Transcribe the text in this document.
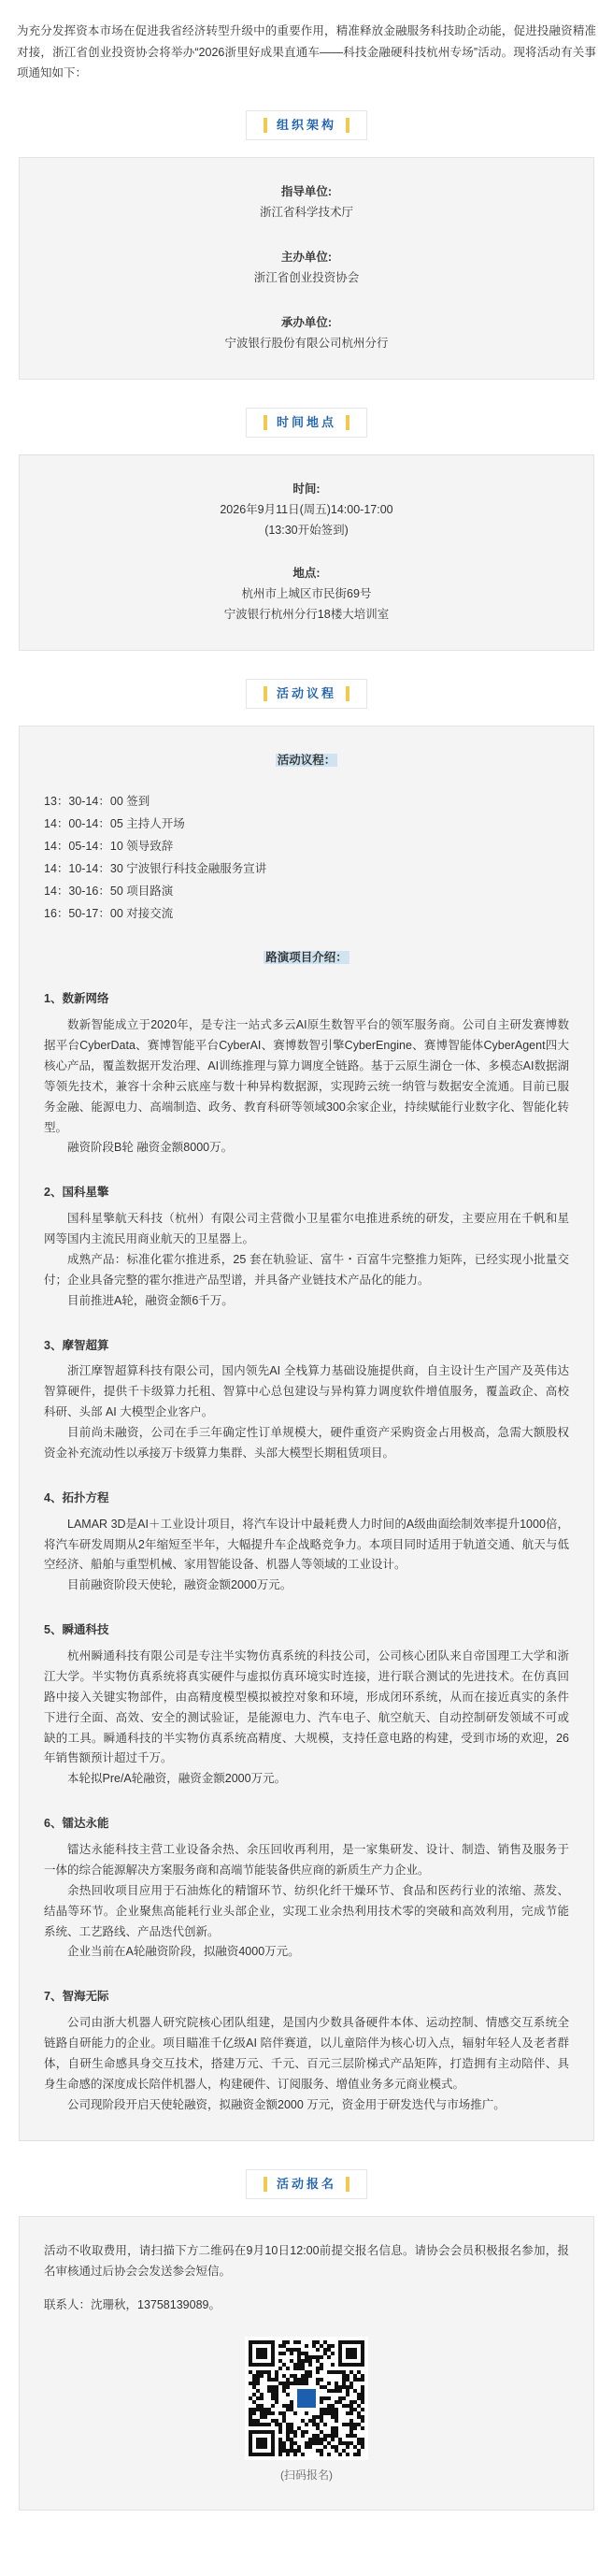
为充分发挥资本市场在促进我省经济转型升级中的重要作用，精准释放金融服务科技助企动能，促进投融资精准对接，浙江省创业投资协会将举办“2026浙里好成果直通车——科技金融硬科技杭州专场”活动。现将活动有关事项通知如下：

组织架构
指导单位:
浙江省科学技术厅
主办单位:
浙江省创业投资协会
承办单位:
宁波银行股份有限公司杭州分行
时间地点
时间:
2026年9月11日(周五)14:00-17:00
(13:30开始签到)
地点:
杭州市上城区市民街69号
宁波银行杭州分行18楼大培训室
活动议程
活动议程：

13：30-14：00 签到

14：00-14：05 主持人开场

14：05-14：10 领导致辞

14：10-14：30 宁波银行科技金融服务宣讲

14：30-16：50 项目路演

16：50-17：00 对接交流

路演项目介绍：
1、数新网络

数新智能成立于2020年，是专注一站式多云AI原生数智平台的领军服务商。公司自主研发赛博数据平台CyberData、赛博智能平台CyberAI、赛博数智引擎CyberEngine、赛博智能体CyberAgent四大核心产品，覆盖数据开发治理、AI训练推理与算力调度全链路。基于云原生湖仓一体、多模态AI数据湖等领先技术，兼容十余种云底座与数十种异构数据源，实现跨云统一纳管与数据安全流通。目前已服务金融、能源电力、高端制造、政务、教育科研等领域300余家企业，持续赋能行业数字化、智能化转型。

融资阶段B轮 融资金额8000万。

2、国科星擎

国科星擎航天科技（杭州）有限公司主营微小卫星霍尔电推进系统的研发，主要应用在千帆和星网等国内主流民用商业航天的卫星器上。

成熟产品：标准化霍尔推进系，25 套在轨验证、富牛・百富牛完整推力矩阵，已经实现小批量交付；企业具备完整的霍尔推进产品型谱，并具备产业链技术产品化的能力。

目前推进A轮，融资金额6千万。

3、摩智超算

浙江摩智超算科技有限公司，国内领先AI 全栈算力基础设施提供商，自主设计生产国产及英伟达智算硬件，提供千卡级算力托租、智算中心总包建设与异构算力调度软件增值服务，覆盖政企、高校科研、头部 AI 大模型企业客户。

目前尚未融资，公司在手三年确定性订单规模大，硬件重资产采购资金占用极高，急需大额股权资金补充流动性以承接万卡级算力集群、头部大模型长期租赁项目。

4、拓扑方程

LAMAR 3D是AI＋工业设计项目，将汽车设计中最耗费人力时间的A级曲面绘制效率提升1000倍，将汽车研发周期从2年缩短至半年，大幅提升车企战略竞争力。本项目同时适用于轨道交通、航天与低空经济、船舶与重型机械、家用智能设备、机器人等领域的工业设计。

目前融资阶段天使轮，融资金额2000万元。

5、瞬通科技

杭州瞬通科技有限公司是专注半实物仿真系统的科技公司，公司核心团队来自帝国理工大学和浙江大学。半实物仿真系统将真实硬件与虚拟仿真环境实时连接，进行联合测试的先进技术。在仿真回路中接入关键实物部件，由高精度模型模拟被控对象和环境，形成闭环系统，从而在接近真实的条件下进行全面、高效、安全的测试验证，是能源电力、汽车电子、航空航天、自动控制研发领域不可或缺的工具。瞬通科技的半实物仿真系统高精度、大规模，支持任意电路的构建，受到市场的欢迎，26年销售额预计超过千万。

本轮拟Pre/A轮融资，融资金额2000万元。

6、镭达永能

镭达永能科技主营工业设备余热、余压回收再利用，是一家集研发、设计、制造、销售及服务于一体的综合能源解决方案服务商和高端节能装备供应商的新质生产力企业。

余热回收项目应用于石油炼化的精馏环节、纺织化纤干燥环节、食品和医药行业的浓缩、蒸发、结晶等环节。企业聚焦高能耗行业头部企业，实现工业余热利用技术零的突破和高效利用，完成节能系统、工艺路线、产品迭代创新。

企业当前在A轮融资阶段，拟融资4000万元。

7、智海无际

公司由浙大机器人研究院核心团队组建，是国内少数具备硬件本体、运动控制、情感交互系统全链路自研能力的企业。项目瞄准千亿级AI 陪伴赛道，以儿童陪伴为核心切入点，辐射年轻人及老者群体，自研生命感具身交互技术，搭建万元、千元、百元三层阶梯式产品矩阵，打造拥有主动陪伴、具身生命感的深度成长陪伴机器人，构建硬件、订阅服务、增值业务多元商业模式。

公司现阶段开启天使轮融资，拟融资金额2000 万元，资金用于研发迭代与市场推广。

活动报名

活动不收取费用，请扫描下方二维码在9月10日12:00前提交报名信息。请协会会员积极报名参加，报名审核通过后协会会发送参会短信。

联系人：沈珊秋，13758139089。

(扫码报名)
